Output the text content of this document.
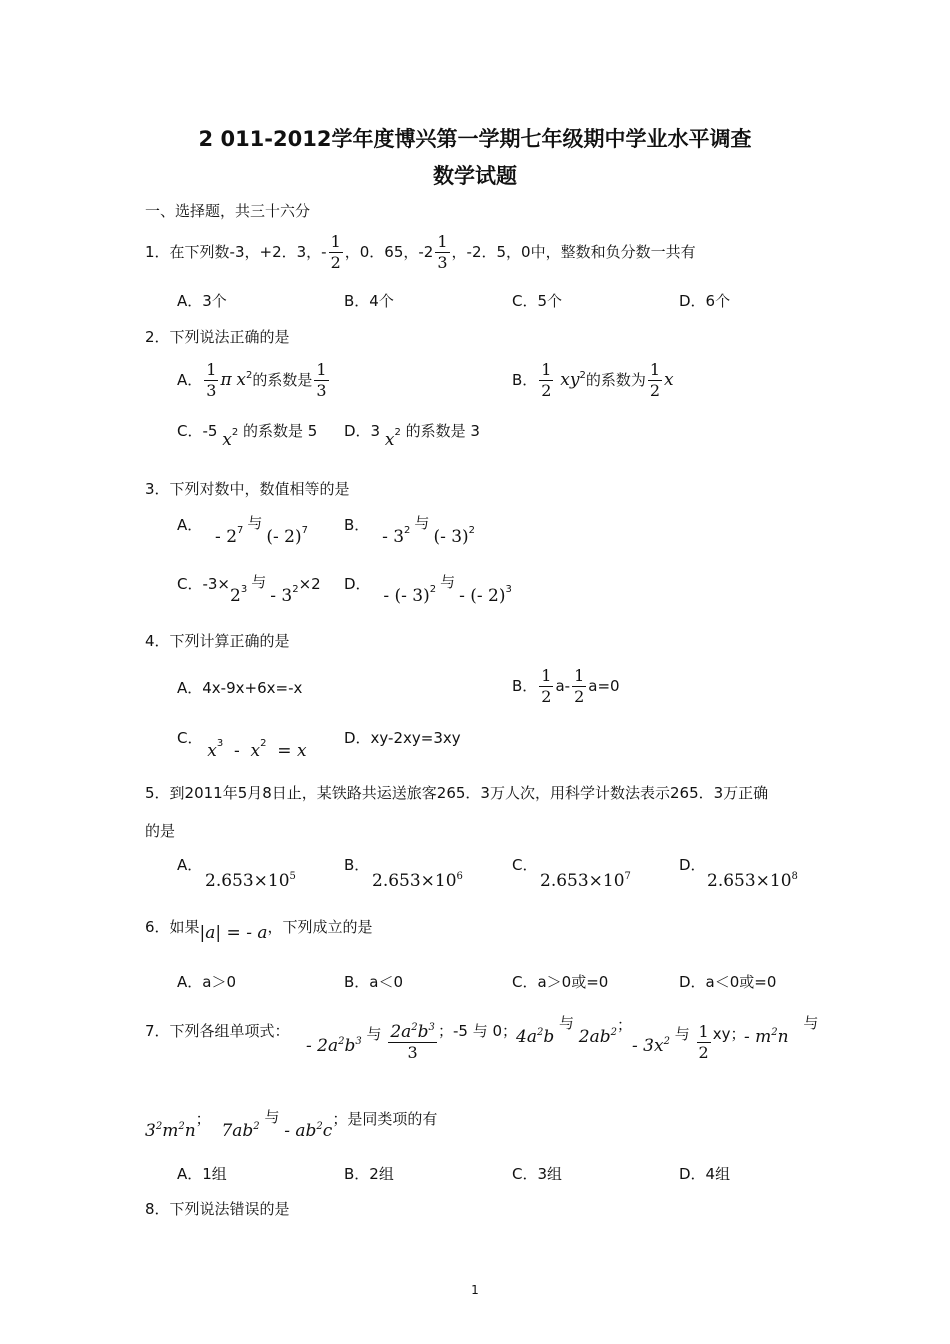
2 011-2012学年度博兴第一学期七年级期中学业水平调查
数学试题
一、选择题，共三十六分
1．在下列数-3，+2．3，- $\frac{1}{2}$ ，0．65，$-2 \frac{1}{3}$ ，-2．5，0中，整数和负分数一共有
A．3个	B．4个	C．5个	D．6个
2．下列说法正确的是
A． $\frac{1}{3}$ π $x^2$的系数是 $\frac{1}{3}$	B． $\frac{1}{2} xy^2$的系数为 $\frac{1}{2}$ x
C．-5 $x^2$ 的系数是 5 D．3 $x^2$ 的系数是 3
3．下列对数中，数值相等的是
A． - $2^7$ 与(- 2)$^7$ B． - $3^2$ 与(- 3)$^2$
C．$-3\times 2^3$ 与- $3^2\times 2$ D． - (- 3)$^2$ 与- (- 2)$^3$
4．下列计算正确的是
A．4x-9x+6x=-x	B． $\frac{1}{2} a- \frac{1}{2} a=0$
C． $x^3 - x^2 = x$
D．xy-2xy=3xy
5．到2011年5月8日止，某铁路共运送旅客265．3万人次，用科学计数法表示265．3万正确
的是
A．
$2.653\times 10^5$
B．
$2.653\times 10^6$
C．
$2.653\times 10^7$
D．
$2.653\times 10^8$
6．如果|a| = - a，下列成立的是
A．a＞0	B．a＜0	C．a＞0或=0	D．a＜0或=0
7．下列各组单项式：
- $2a^2b^3$ 与 $\frac{2a^2b^3}{3}$ ；-5 与 0；
$4a^2b$ 与 $2ab^2$；
- $3x^2$ 与 $\frac{1}{2}$ xy；
- $m^2n$ 与
$3^2m^2n$； $7ab^2$ 与 - $ab^2c$；是同类项的有
A．1组	B．2组	C．3组	D．4组
8．下列说法错误的是
1
